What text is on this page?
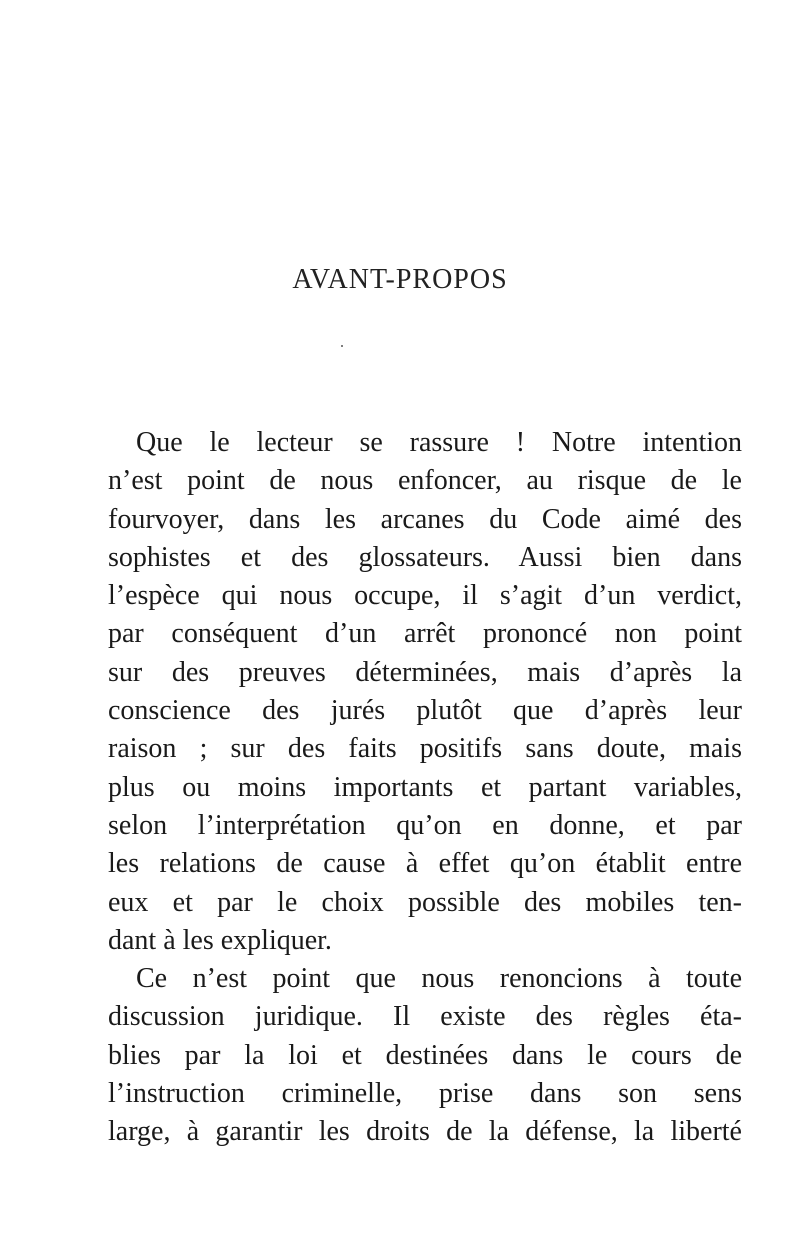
AVANT-PROPOS
Que le lecteur se rassure ! Notre intention
n’est point de nous enfoncer, au risque de le
fourvoyer, dans les arcanes du Code aimé des
sophistes et des glossateurs. Aussi bien dans
l’espèce qui nous occupe, il s’agit d’un verdict,
par conséquent d’un arrêt prononcé non point
sur des preuves déterminées, mais d’après la
conscience des jurés plutôt que d’après leur
raison ; sur des faits positifs sans doute, mais
plus ou moins importants et partant variables,
selon l’interprétation qu’on en donne, et par
les relations de cause à effet qu’on établit entre
eux et par le choix possible des mobiles ten-
dant à les expliquer.
Ce n’est point que nous renoncions à toute
discussion juridique. Il existe des règles éta-
blies par la loi et destinées dans le cours de
l’instruction criminelle, prise dans son sens
large, à garantir les droits de la défense, la liberté
